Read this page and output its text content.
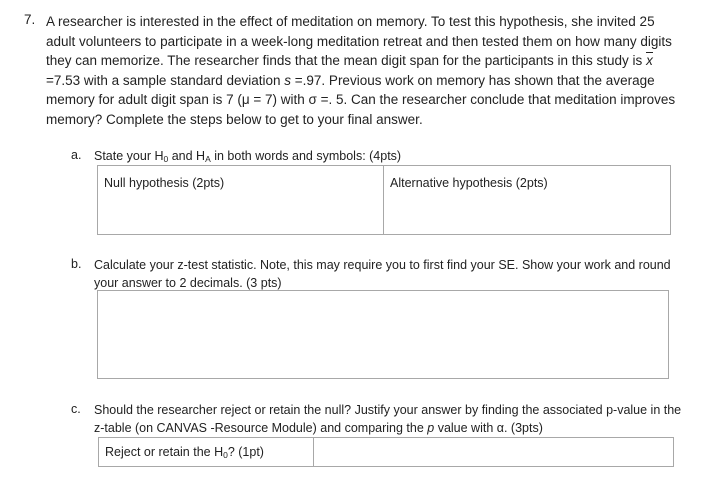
7. A researcher is interested in the effect of meditation on memory. To test this hypothesis, she invited 25 adult volunteers to participate in a week-long meditation retreat and then tested them on how many digits they can memorize. The researcher finds that the mean digit span for the participants in this study is x =7.53 with a sample standard deviation s =.97. Previous work on memory has shown that the average memory for adult digit span is 7 (μ = 7) with σ =. 5. Can the researcher conclude that meditation improves memory? Complete the steps below to get to your final answer.
a. State your $H_0$ and $H_A$ in both words and symbols: (4pts)
Null hypothesis (2pts)	Alternative hypothesis (2pts)
b. Calculate your z-test statistic. Note, this may require you to first find your SE. Show your work and round your answer to 2 decimals. (3 pts)
c. Should the researcher reject or retain the null? Justify your answer by finding the associated p-value in the z-table (on CANVAS -Resource Module) and comparing the p value with α. (3pts)
Reject or retain the $H_0$? (1pt)
